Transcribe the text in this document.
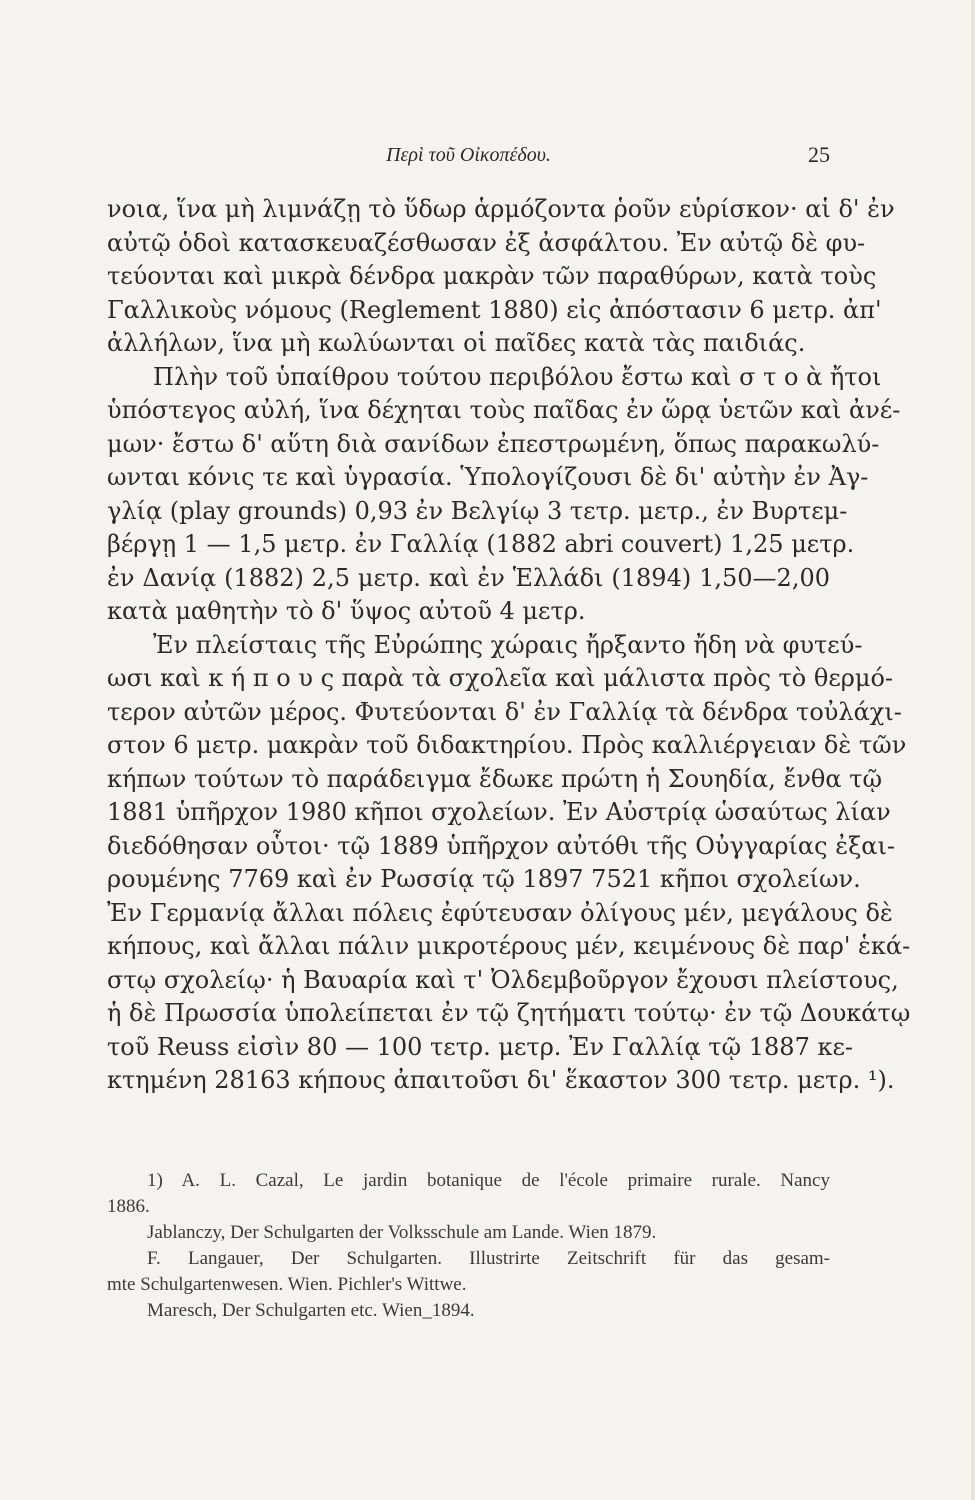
Περὶ τοῦ Οἰκοπέδου.	25
νοια, ἵνα μὴ λιμνάζῃ τὸ ὕδωρ ἁρμόζοντα ῥοῦν εὑρίσκον· αἱ δ' ἐν
αὐτῷ ὁδοὶ κατασκευαζέσθωσαν ἐξ ἀσφάλτου. Ἐν αὐτῷ δὲ φυ-
τεύονται καὶ μικρὰ δένδρα μακρὰν τῶν παραθύρων, κατὰ τοὺς
Γαλλικοὺς νόμους (Reglement 1880) εἰς ἀπόστασιν 6 μετρ. ἀπ'
ἀλλήλων, ἵνα μὴ κωλύωνται οἱ παῖδες κατὰ τὰς παιδιάς.
Πλὴν τοῦ ὑπαίθρου τούτου περιβόλου ἔστω καὶ σ τ ο ὰ ἤτοι
ὑπόστεγος αὐλή, ἵνα δέχηται τοὺς παῖδας ἐν ὥρᾳ ὑετῶν καὶ ἀνέ-
μων· ἔστω δ' αὕτη διὰ σανίδων ἐπεστρωμένη, ὅπως παρακωλύ-
ωνται κόνις τε καὶ ὑγρασία. Ὑπολογίζουσι δὲ δι' αὐτὴν ἐν Ἀγ-
γλίᾳ (play grounds) 0,93 ἐν Βελγίῳ 3 τετρ. μετρ., ἐν Βυρτεμ-
βέργῃ 1 — 1,5 μετρ. ἐν Γαλλίᾳ (1882 abri couvert) 1,25 μετρ.
ἐν Δανίᾳ (1882) 2,5 μετρ. καὶ ἐν Ἑλλάδι (1894) 1,50—2,00
κατὰ μαθητὴν τὸ δ' ὕψος αὐτοῦ 4 μετρ.
Ἐν πλείσταις τῆς Εὐρώπης χώραις ἤρξαντο ἤδη νὰ φυτεύ-
ωσι καὶ κ ή π ο υ ς παρὰ τὰ σχολεῖα καὶ μάλιστα πρὸς τὸ θερμό-
τερον αὐτῶν μέρος. Φυτεύονται δ' ἐν Γαλλίᾳ τὰ δένδρα τοὐλάχι-
στον 6 μετρ. μακρὰν τοῦ διδακτηρίου. Πρὸς καλλιέργειαν δὲ τῶν
κήπων τούτων τὸ παράδειγμα ἔδωκε πρώτη ἡ Σουηδία, ἔνθα τῷ
1881 ὑπῆρχον 1980 κῆποι σχολείων. Ἐν Αὐστρίᾳ ὡσαύτως λίαν
διεδόθησαν οὗτοι· τῷ 1889 ὑπῆρχον αὐτόθι τῆς Οὐγγαρίας ἐξαι-
ρουμένης 7769 καὶ ἐν Ρωσσίᾳ τῷ 1897 7521 κῆποι σχολείων.
Ἐν Γερμανίᾳ ἄλλαι πόλεις ἐφύτευσαν ὀλίγους μέν, μεγάλους δὲ
κήπους, καὶ ἄλλαι πάλιν μικροτέρους μέν, κειμένους δὲ παρ' ἑκά-
στῳ σχολείῳ· ἡ Βαυαρία καὶ τ' Ὀλδεμβοῦργον ἔχουσι πλείστους,
ἡ δὲ Πρωσσία ὑπολείπεται ἐν τῷ ζητήματι τούτῳ· ἐν τῷ Δουκάτῳ
τοῦ Reuss εἰσὶν 80 — 100 τετρ. μετρ. Ἐν Γαλλίᾳ τῷ 1887 κε-
κτημένη 28163 κήπους ἀπαιτοῦσι δι' ἕκαστον 300 τετρ. μετρ. ¹).
1) A. L. Cazal, Le jardin botanique de l'école primaire rurale. Nancy
1886.
Jablanczy, Der Schulgarten der Volksschule am Lande. Wien 1879.
F. Langauer, Der Schulgarten. Illustrirte Zeitschrift für das gesam-
mte Schulgartenwesen. Wien. Pichler's Wittwe.
Maresch, Der Schulgarten etc. Wien_1894.
